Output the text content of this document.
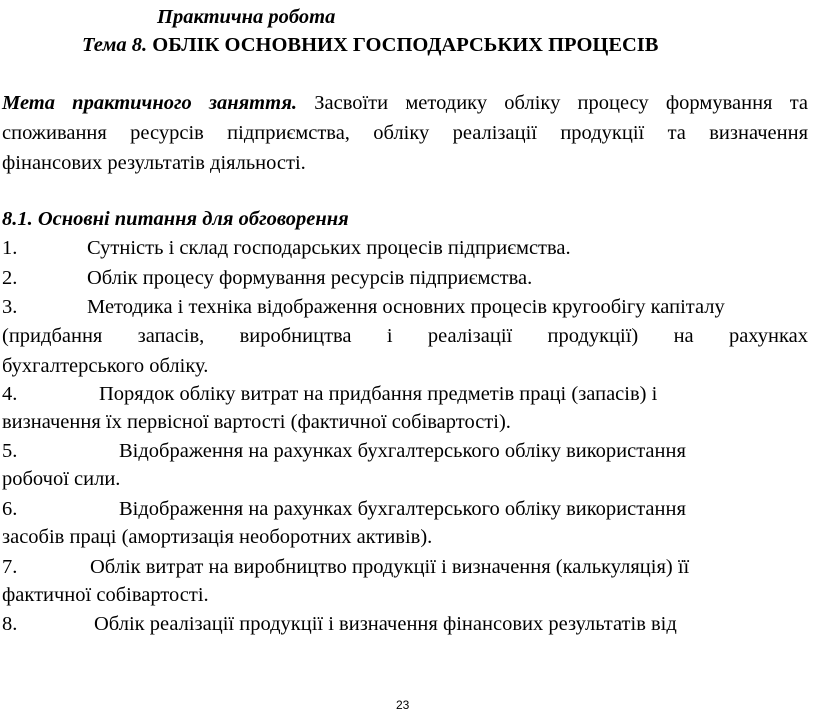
Практична робота
Тема 8. ОБЛІК ОСНОВНИХ ГОСПОДАРСЬКИХ ПРОЦЕСІВ
Мета практичного заняття. Засвоїти методику обліку процесу формування та
споживання ресурсів підприємства, обліку реалізації продукції та визначення
фінансових результатів діяльності.
8.1. Основні питання для обговорення
1.	Сутність і склад господарських процесів підприємства.
2.	Облік процесу формування ресурсів підприємства.
3.	Методика і техніка відображення основних процесів кругообігу капіталу
(придбання запасів, виробництва і реалізації продукції) на рахунках
бухгалтерського обліку.
4.	Порядок обліку витрат на придбання предметів праці (запасів) і
визначення їх первісної вартості (фактичної собівартості).
5.	Відображення на рахунках бухгалтерського обліку використання
робочої сили.
6.	Відображення на рахунках бухгалтерського обліку використання
засобів праці (амортизація необоротних активів).
7.	Облік витрат на виробництво продукції і визначення (калькуляція) її
фактичної собівартості.
8.	Облік реалізації продукції і визначення фінансових результатів від
23
